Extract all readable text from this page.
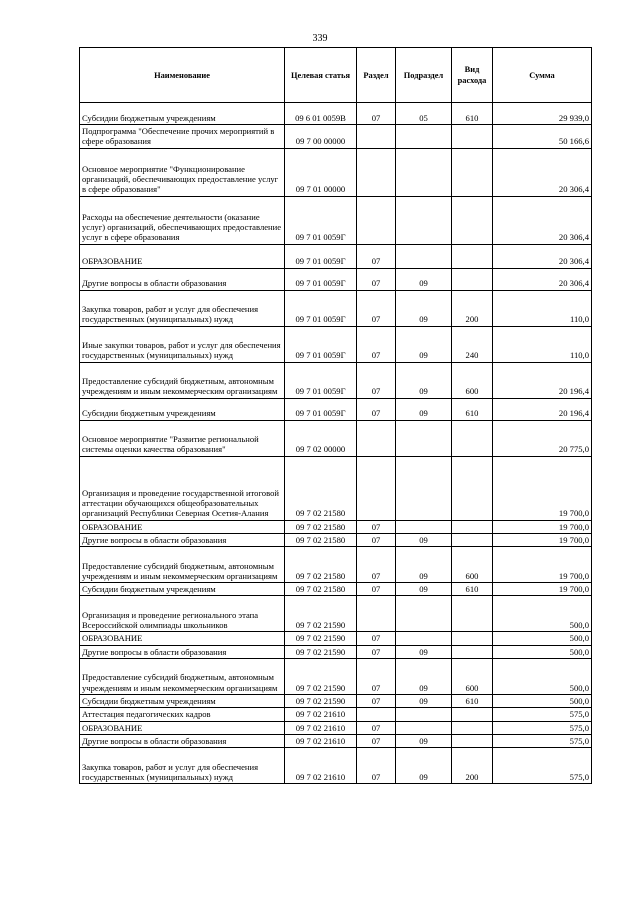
339
Наименование	Целевая статья	Раздел	Подраздел	Вид расхода	Сумма
Субсидии бюджетным учреждениям	09 6 01 0059В	07	05	610	29 939,0
Подпрограмма "Обеспечение прочих мероприятий в сфере образования	09 7 00 00000				50 166,6
Основное мероприятие "Функционирование организаций, обеспечивающих предоставление услуг в сфере образования"	09 7 01 00000				20 306,4
Расходы на обеспечение деятельности (оказание услуг) организаций, обеспечивающих предоставление услуг в сфере образования	09 7 01 0059Г				20 306,4
ОБРАЗОВАНИЕ	09 7 01 0059Г	07			20 306,4
Другие вопросы в области образования	09 7 01 0059Г	07	09		20 306,4
Закупка товаров, работ и услуг для обеспечения государственных (муниципальных) нужд	09 7 01 0059Г	07	09	200	110,0
Иные закупки товаров, работ и услуг для обеспечения государственных (муниципальных) нужд	09 7 01 0059Г	07	09	240	110,0
Предоставление субсидий бюджетным, автономным учреждениям и иным некоммерческим организациям	09 7 01 0059Г	07	09	600	20 196,4
Субсидии бюджетным учреждениям	09 7 01 0059Г	07	09	610	20 196,4
Основное мероприятие "Развитие региональной системы оценки качества образования"	09 7 02 00000				20 775,0
Организация и проведение государственной итоговой аттестации обучающихся общеобразовательных организаций Республики Северная Осетия-Алания	09 7 02 21580				19 700,0
ОБРАЗОВАНИЕ	09 7 02 21580	07			19 700,0
Другие вопросы в области образования	09 7 02 21580	07	09		19 700,0
Предоставление субсидий бюджетным, автономным учреждениям и иным некоммерческим организациям	09 7 02 21580	07	09	600	19 700,0
Субсидии бюджетным учреждениям	09 7 02 21580	07	09	610	19 700,0
Организация и проведение регионального этапа Всероссийской олимпиады школьников	09 7 02 21590				500,0
ОБРАЗОВАНИЕ	09 7 02 21590	07			500,0
Другие вопросы в области образования	09 7 02 21590	07	09		500,0
Предоставление субсидий бюджетным, автономным учреждениям и иным некоммерческим организациям	09 7 02 21590	07	09	600	500,0
Субсидии бюджетным учреждениям	09 7 02 21590	07	09	610	500,0
Аттестация педагогических кадров	09 7 02 21610				575,0
ОБРАЗОВАНИЕ	09 7 02 21610	07			575,0
Другие вопросы в области образования	09 7 02 21610	07	09		575,0
Закупка товаров, работ и услуг для обеспечения государственных (муниципальных) нужд	09 7 02 21610	07	09	200	575,0
